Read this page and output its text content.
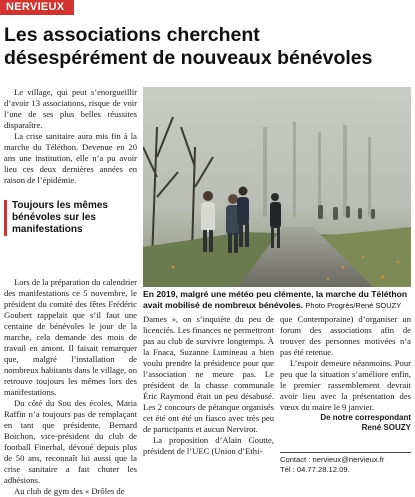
NERVIEUX
Les associations cherchent
désespérément de nouveaux bénévoles

Le village, qui peut s’enorgueillir d’avoir 13 associations, risque de voir l’une de ses plus belles réussites disparaître.

La crise sanitaire aura mis fin à la marche du Téléthon. Devenue en 20 ans une institution, elle n’a pu avoir lieu ces deux dernières années en raison de l’épidémie.

Toujours les mêmes bénévoles sur les manifestations

Lors de la préparation du calendrier des manifestations ce 5 novembre, le président du comité des fêtes Frédéric Goubert rappelait que s’il faut une centaine de bénévoles le jour de la marche, cela demande des mois de travail en amont. Il faisait remarquer que, malgré l’installation de nombreux habitants dans le village, on retrouve toujours les mêmes lors des manifestations.

Du côté du Sou des écoles, Maria Raffin n’a toujours pas de remplaçant en tant que présidente. Bernard Boichon, vice-président du club de football Finerbal, dévoué depuis plus de 50 ans, reconnaît lui aussi que la crise sanitaire a fait chuter les adhésions.

Au club de gym des « Drôles de

En 2019, malgré une météo peu clémente, la marche du Téléthon avait mobilisé de nombreux bénévoles. Photo Progrès/René SOUZY

Dames », on s’inquiète du peu de licenciés. Les finances ne permettront pas au club de survivre longtemps. À la Fnaca, Suzanne Lumineau a bien voulu prendre la présidence pour que l’association ne meure pas. Le président de la chasse communale Éric Raymond était un peu désabusé. Les 2 concours de pétanque organisés cet été ont été un fiasco avec très peu de participants et aucun Nervirot.

La proposition d’Alain Goutte, président de l’UEC (Union d’Ethi-

que Contemporaine) d’organiser un forum des associations afin de trouver des personnes motivées n’a pas été retenue.

L’espoir demeure néanmoins. Pour peu que la situation s’améliore enfin, le premier rassemblement devrait avoir lieu avec la présentation des vœux du maire le 9 janvier.

De notre correspondant
René SOUZY
Contact : nervieux@nervieux.fr
Tél : 04.77.28.12.09.
